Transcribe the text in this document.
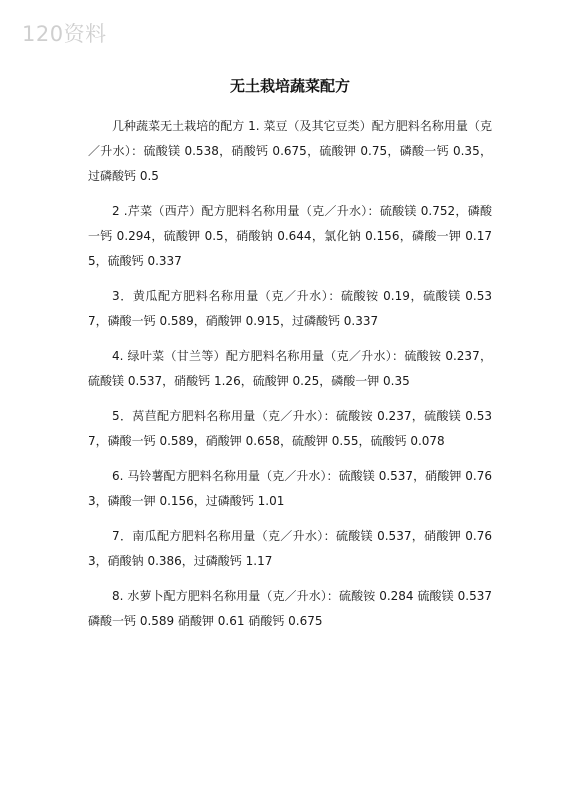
120资料
无土栽培蔬菜配方

几种蔬菜无土栽培的配方 1. 菜豆（及其它豆类）配方肥料名称用量（克／升水）：硫酸镁 0.538，硝酸钙 0.675，硫酸钾 0.75，磷酸一钙 0.35，过磷酸钙 0.5

2 .芹菜（西芹）配方肥料名称用量（克／升水）：硫酸镁 0.752，磷酸一钙 0.294，硫酸钾 0.5，硝酸钠 0.644，氯化钠 0.156，磷酸一钾 0.175，硫酸钙 0.337

3．黄瓜配方肥料名称用量（克／升水）：硫酸铵 0.19，硫酸镁 0.537，磷酸一钙 0.589，硝酸钾 0.915，过磷酸钙 0.337

4. 绿叶菜（甘兰等）配方肥料名称用量（克／升水）：硫酸铵 0.237，硫酸镁 0.537，硝酸钙 1.26，硫酸钾 0.25，磷酸一钾 0.35

5．莴苣配方肥料名称用量（克／升水）：硫酸铵 0.237，硫酸镁 0.537，磷酸一钙 0.589，硝酸钾 0.658，硫酸钾 0.55，硫酸钙 0.078

6. 马铃薯配方肥料名称用量（克／升水）：硫酸镁 0.537，硝酸钾 0.763，磷酸一钾 0.156，过磷酸钙 1.01

7．南瓜配方肥料名称用量（克／升水）：硫酸镁 0.537，硝酸钾 0.763，硝酸钠 0.386，过磷酸钙 1.17

8. 水萝卜配方肥料名称用量（克／升水）：硫酸铵 0.284 硫酸镁 0.537 磷酸一钙 0.589 硝酸钾 0.61 硝酸钙 0.675
